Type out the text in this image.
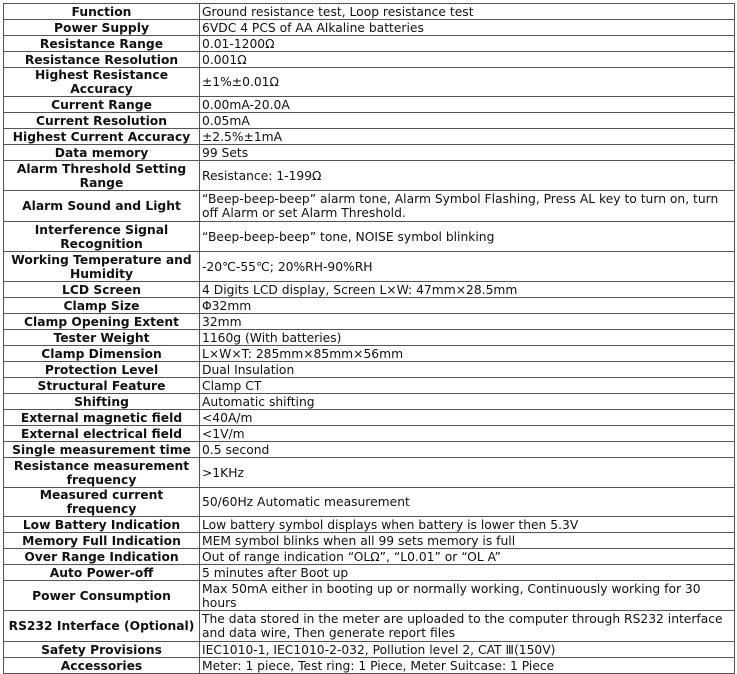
Function	Ground resistance test, Loop resistance test
Power Supply	6VDC 4 PCS of AA Alkaline batteries
Resistance Range	0.01-1200Ω
Resistance Resolution	0.001Ω
Highest Resistance Accuracy	±1%±0.01Ω
Current Range	0.00mA-20.0A
Current Resolution	0.05mA
Highest Current Accuracy	±2.5%±1mA
Data memory	99 Sets
Alarm Threshold Setting Range	Resistance: 1-199Ω
Alarm Sound and Light	“Beep-beep-beep” alarm tone, Alarm Symbol Flashing, Press AL key to turn on, turn off Alarm or set Alarm Threshold.
Interference Signal Recognition	“Beep-beep-beep” tone, NOISE symbol blinking
Working Temperature and Humidity	-20℃-55℃; 20%RH-90%RH
LCD Screen	4 Digits LCD display, Screen L×W: 47mm×28.5mm
Clamp Size	Φ32mm
Clamp Opening Extent	32mm
Tester Weight	1160g (With batteries)
Clamp Dimension	L×W×T: 285mm×85mm×56mm
Protection Level	Dual Insulation
Structural Feature	Clamp CT
Shifting	Automatic shifting
External magnetic field	<40A/m
External electrical field	<1V/m
Single measurement time	0.5 second
Resistance measurement frequency	>1KHz
Measured current frequency	50/60Hz Automatic measurement
Low Battery Indication	Low battery symbol displays when battery is lower then 5.3V
Memory Full Indication	MEM symbol blinks when all 99 sets memory is full
Over Range Indication	Out of range indication “OLΩ”, “L0.01” or “OL A”
Auto Power-off	5 minutes after Boot up
Power Consumption	Max 50mA either in booting up or normally working, Continuously working for 30 hours
RS232 Interface (Optional)	The data stored in the meter are uploaded to the computer through RS232 interface and data wire, Then generate report files
Safety Provisions	IEC1010-1, IEC1010-2-032, Pollution level 2, CAT Ⅲ(150V)
Accessories	Meter: 1 piece, Test ring: 1 Piece, Meter Suitcase: 1 Piece
